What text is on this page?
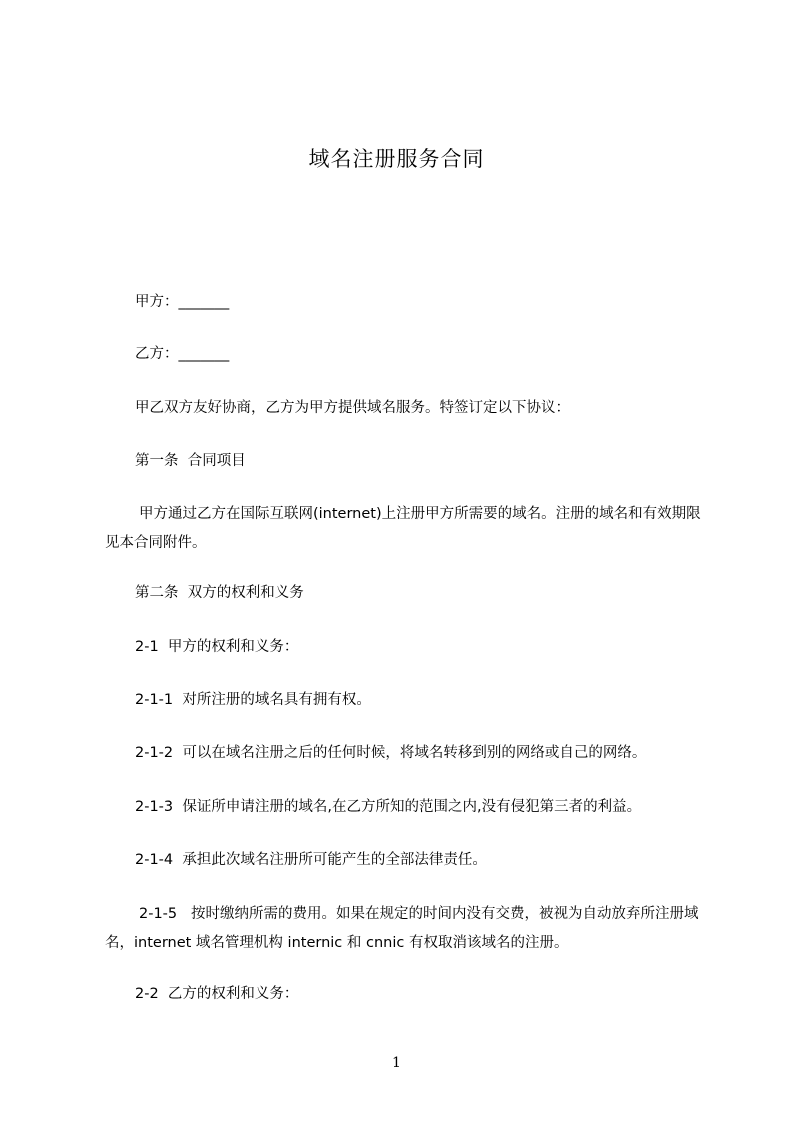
域名注册服务合同
甲方：_______
乙方：_______
甲乙双方友好协商，乙方为甲方提供域名服务。特签订定以下协议：
第一条  合同项目
甲方通过乙方在国际互联网(internet)上注册甲方所需要的域名。注册的域名和有效期限见本合同附件。
第二条  双方的权利和义务
2-1  甲方的权利和义务：
2-1-1  对所注册的域名具有拥有权。
2-1-2  可以在域名注册之后的任何时候，将域名转移到别的网络或自己的网络。
2-1-3  保证所申请注册的域名,在乙方所知的范围之内,没有侵犯第三者的利益。
2-1-4  承担此次域名注册所可能产生的全部法律责任。
2-1-5   按时缴纳所需的费用。如果在规定的时间内没有交费，被视为自动放弃所注册域名，internet 域名管理机构 internic 和 cnnic 有权取消该域名的注册。
2-2  乙方的权利和义务：
1
